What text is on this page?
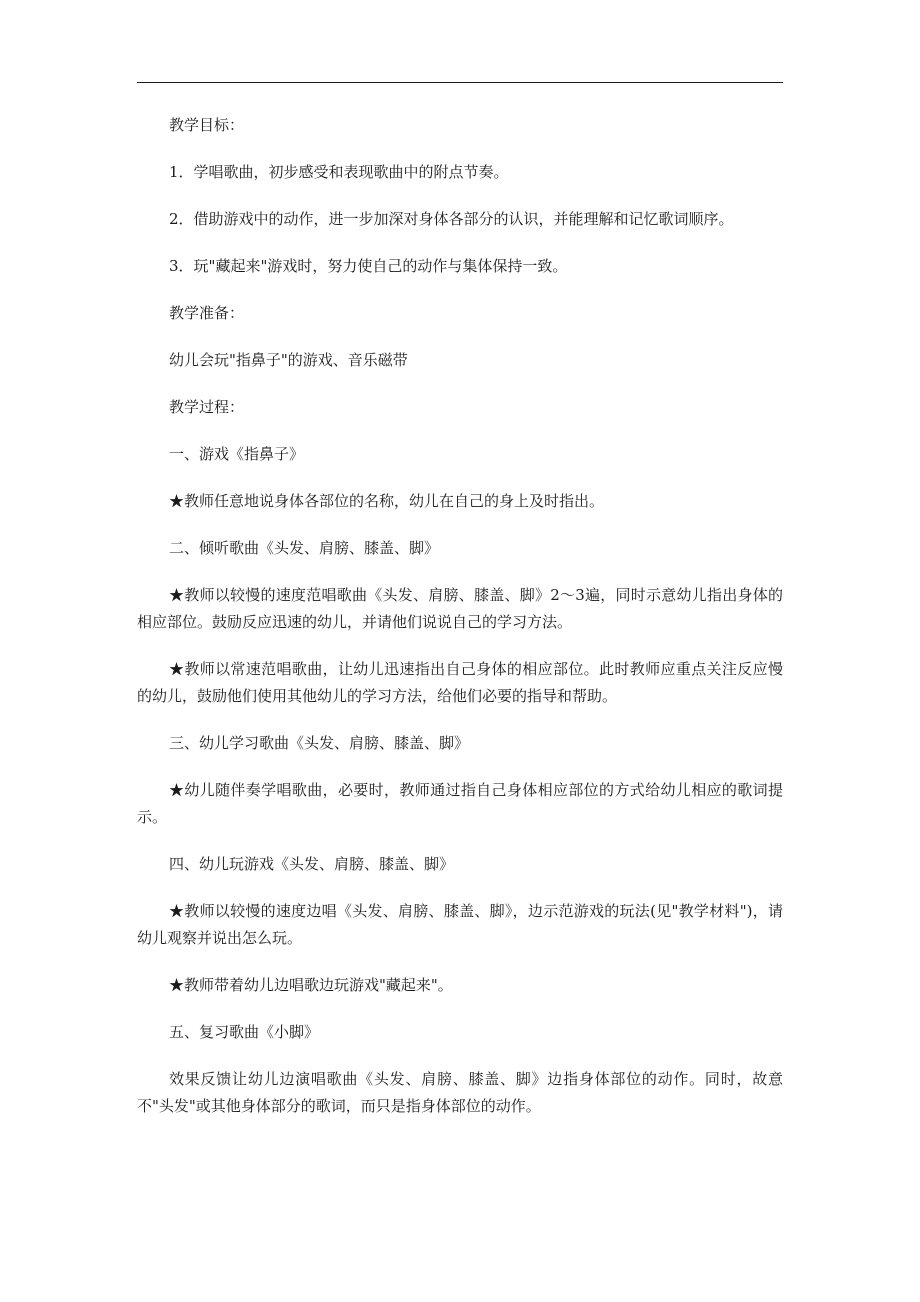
教学目标：

1．学唱歌曲，初步感受和表现歌曲中的附点节奏。

2．借助游戏中的动作，进一步加深对身体各部分的认识，并能理解和记忆歌词顺序。

3．玩"藏起来"游戏时，努力使自己的动作与集体保持一致。

教学准备：

幼儿会玩"指鼻子"的游戏、音乐磁带

教学过程：

一、游戏《指鼻子》

★教师任意地说身体各部位的名称，幼儿在自己的身上及时指出。

二、倾听歌曲《头发、肩膀、膝盖、脚》

★教师以较慢的速度范唱歌曲《头发、肩膀、膝盖、脚》2～3遍，同时示意幼儿指出身体的相应部位。鼓励反应迅速的幼儿，并请他们说说自己的学习方法。

★教师以常速范唱歌曲，让幼儿迅速指出自己身体的相应部位。此时教师应重点关注反应慢的幼儿，鼓励他们使用其他幼儿的学习方法，给他们必要的指导和帮助。

三、幼儿学习歌曲《头发、肩膀、膝盖、脚》

★幼儿随伴奏学唱歌曲，必要时，教师通过指自己身体相应部位的方式给幼儿相应的歌词提示。

四、幼儿玩游戏《头发、肩膀、膝盖、脚》

★教师以较慢的速度边唱《头发、肩膀、膝盖、脚》，边示范游戏的玩法(见"教学材料")，请幼儿观察并说出怎么玩。

★教师带着幼儿边唱歌边玩游戏"藏起来"。

五、复习歌曲《小脚》

效果反馈让幼儿边演唱歌曲《头发、肩膀、膝盖、脚》边指身体部位的动作。同时，故意不"头发"或其他身体部分的歌词，而只是指身体部位的动作。
